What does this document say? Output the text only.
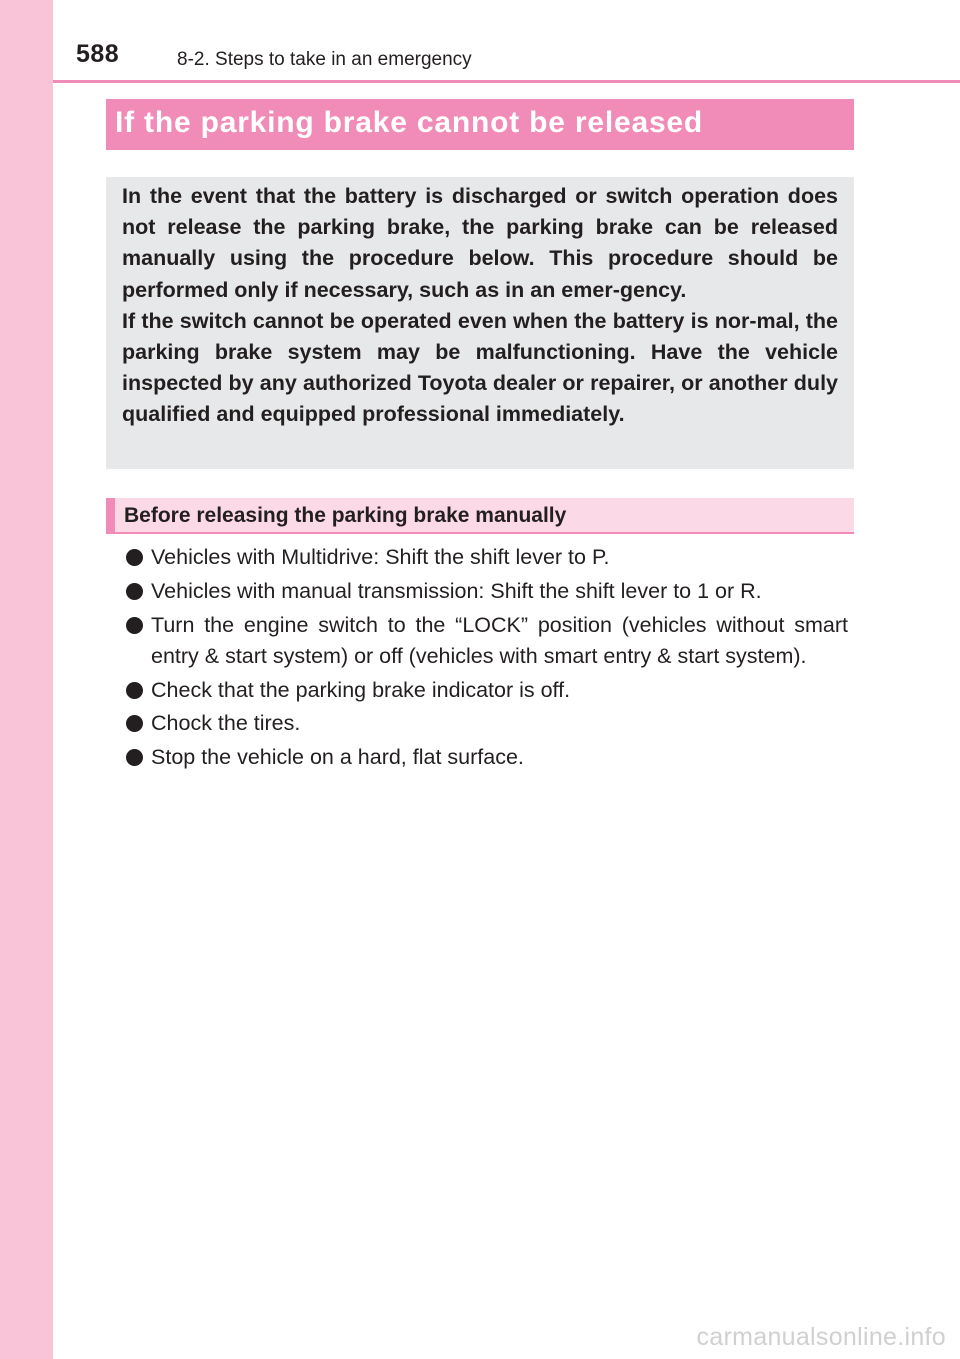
588	8-2. Steps to take in an emergency
If the parking brake cannot be released

In the event that the battery is discharged or switch operation does not release the parking brake, the parking brake can be released manually using the procedure below. This procedure should be performed only if necessary, such as in an emer-gency.

If the switch cannot be operated even when the battery is nor-mal, the parking brake system may be malfunctioning. Have the vehicle inspected by any authorized Toyota dealer or repairer, or another duly qualified and equipped professional immediately.

Before releasing the parking brake manually
Vehicles with Multidrive: Shift the shift lever to P.
Vehicles with manual transmission: Shift the shift lever to 1 or R.
Turn the engine switch to the “LOCK” position (vehicles without smart entry & start system) or off (vehicles with smart entry & start system).
Check that the parking brake indicator is off.
Chock the tires.
Stop the vehicle on a hard, flat surface.
carmanualsonline.info
